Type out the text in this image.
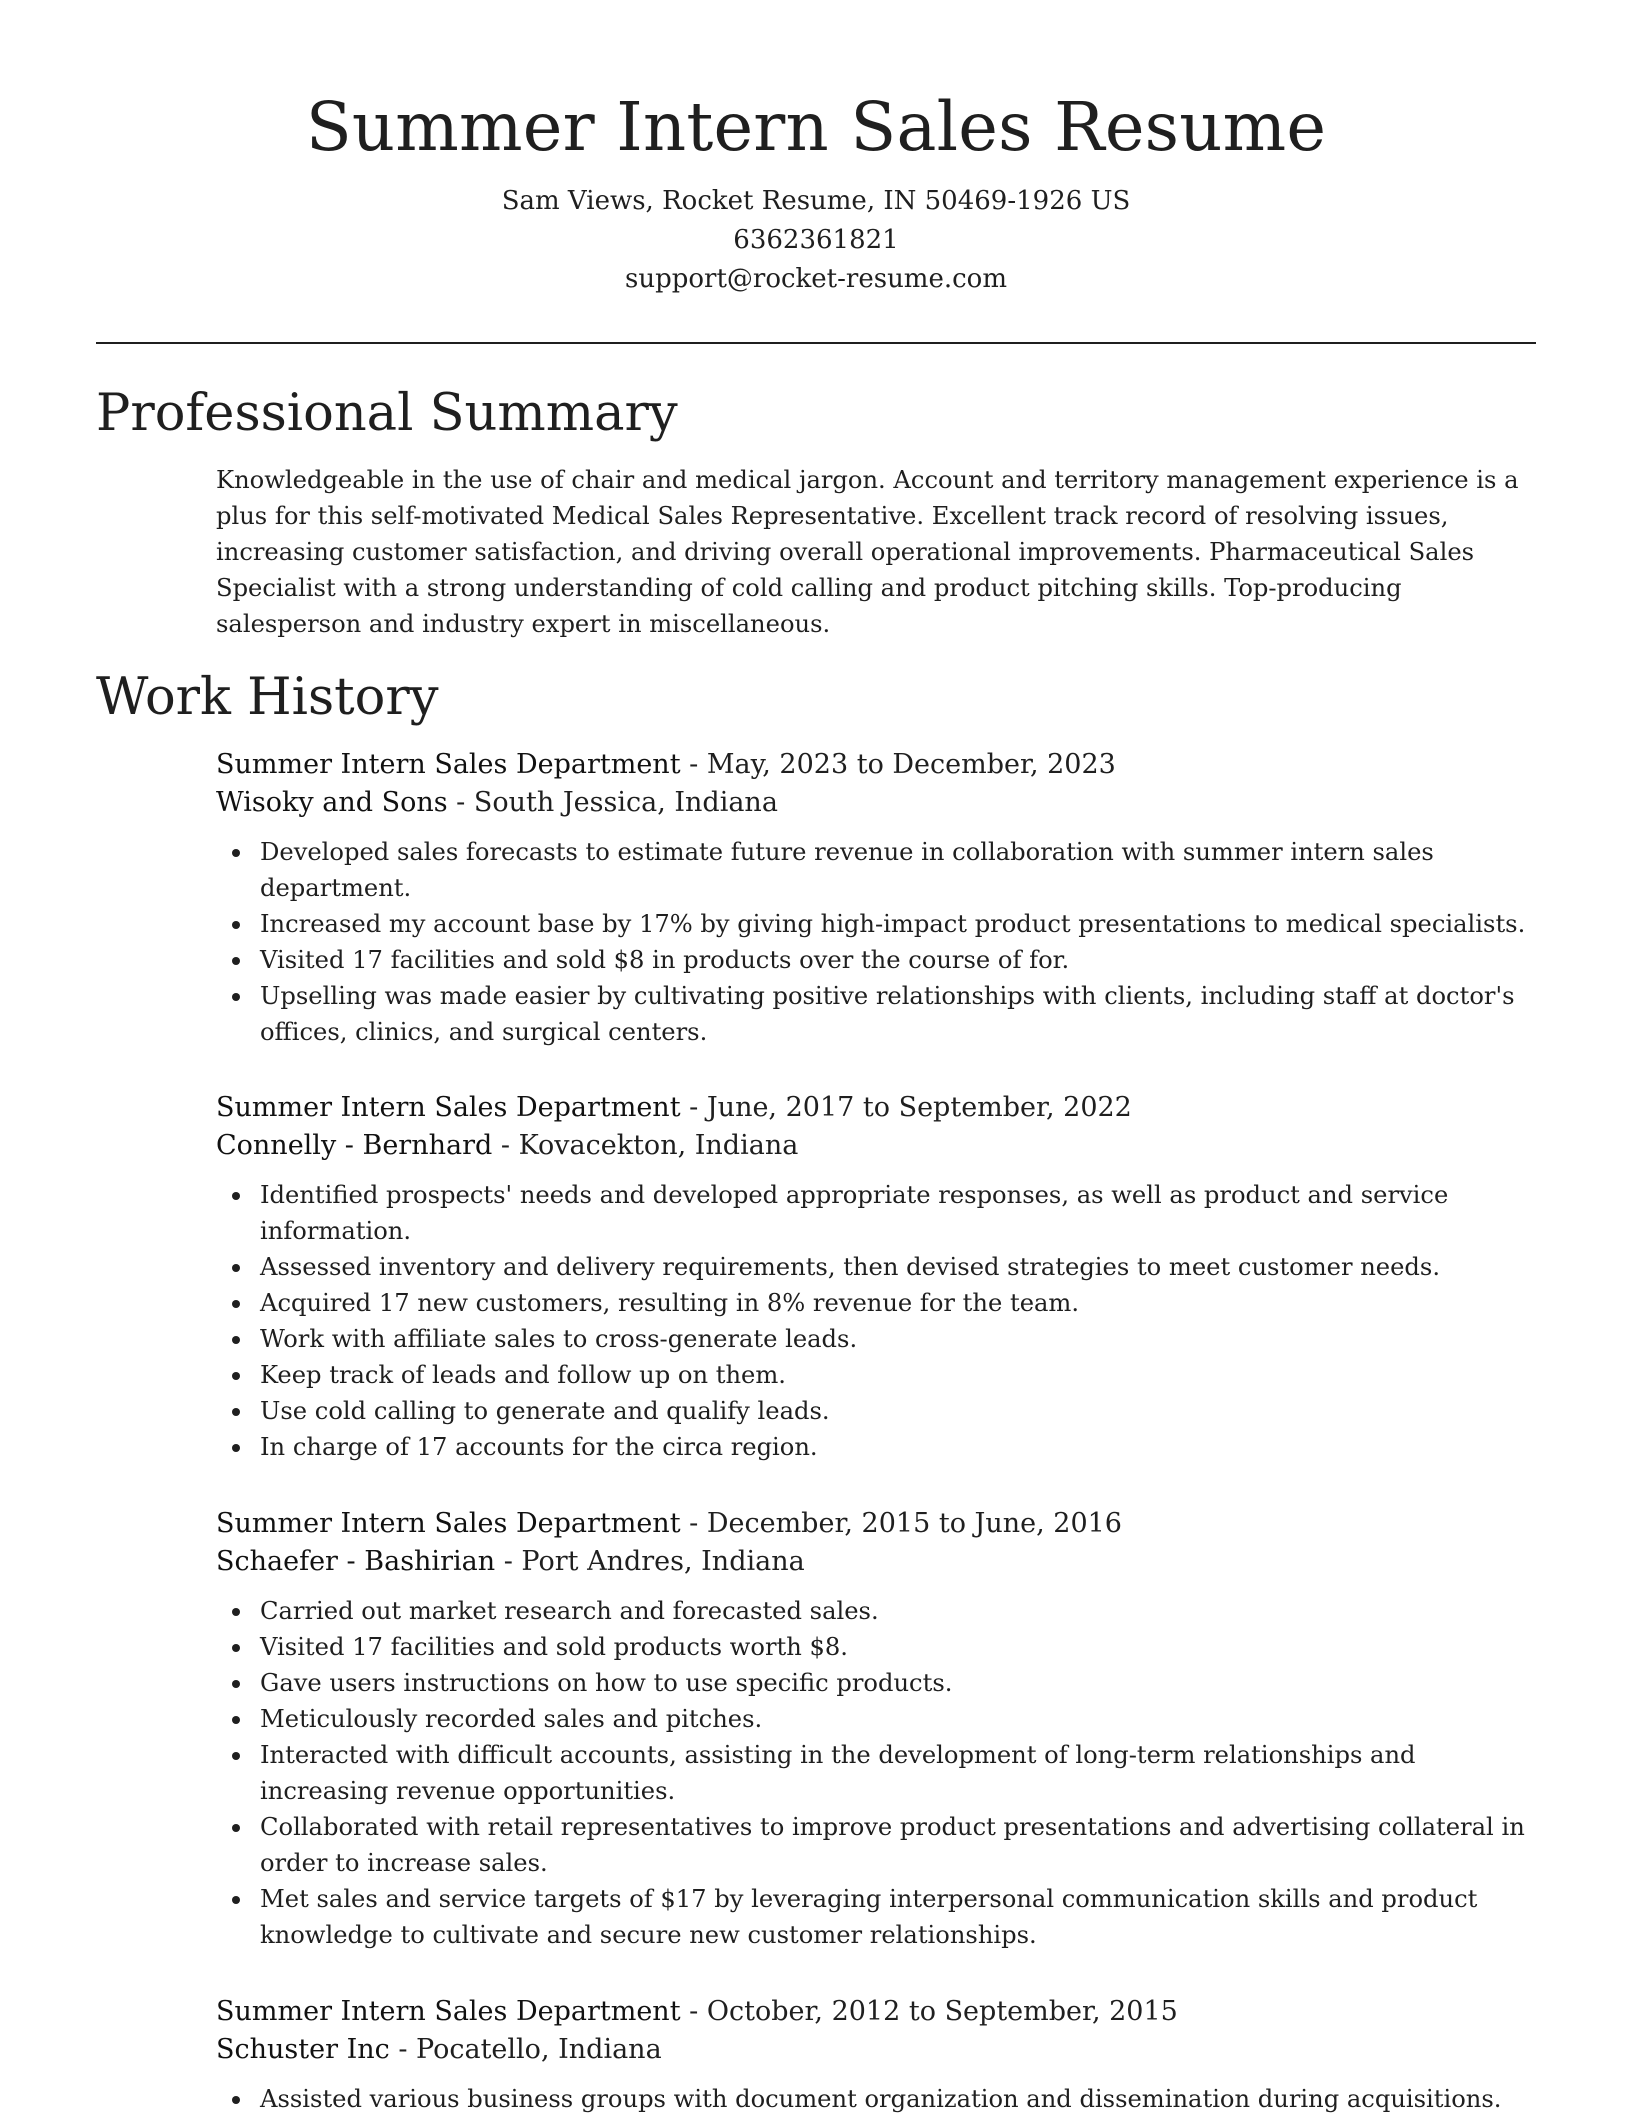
Summer Intern Sales Resume
Sam Views, Rocket Resume, IN 50469-1926 US
6362361821
support@rocket-resume.com
Professional Summary

Knowledgeable in the use of chair and medical jargon. Account and territory management experience is a plus for this self-motivated Medical Sales Representative. Excellent track record of resolving issues, increasing customer satisfaction, and driving overall operational improvements. Pharmaceutical Sales Specialist with a strong understanding of cold calling and product pitching skills. Top-producing salesperson and industry expert in miscellaneous.

Work History
Summer Intern Sales Department - May, 2023 to December, 2023
Wisoky and Sons - South Jessica, Indiana
Developed sales forecasts to estimate future revenue in collaboration with summer intern sales department.
Increased my account base by 17% by giving high-impact product presentations to medical specialists.
Visited 17 facilities and sold $8 in products over the course of for.
Upselling was made easier by cultivating positive relationships with clients, including staff at doctor's offices, clinics, and surgical centers.
Summer Intern Sales Department - June, 2017 to September, 2022
Connelly - Bernhard - Kovacekton, Indiana
Identified prospects' needs and developed appropriate responses, as well as product and service information.
Assessed inventory and delivery requirements, then devised strategies to meet customer needs.
Acquired 17 new customers, resulting in 8% revenue for the team.
Work with affiliate sales to cross-generate leads.
Keep track of leads and follow up on them.
Use cold calling to generate and qualify leads.
In charge of 17 accounts for the circa region.
Summer Intern Sales Department - December, 2015 to June, 2016
Schaefer - Bashirian - Port Andres, Indiana
Carried out market research and forecasted sales.
Visited 17 facilities and sold products worth $8.
Gave users instructions on how to use specific products.
Meticulously recorded sales and pitches.
Interacted with difficult accounts, assisting in the development of long-term relationships and increasing revenue opportunities.
Collaborated with retail representatives to improve product presentations and advertising collateral in order to increase sales.
Met sales and service targets of $17 by leveraging interpersonal communication skills and product knowledge to cultivate and secure new customer relationships.
Summer Intern Sales Department - October, 2012 to September, 2015
Schuster Inc - Pocatello, Indiana
Assisted various business groups with document organization and dissemination during acquisitions.
